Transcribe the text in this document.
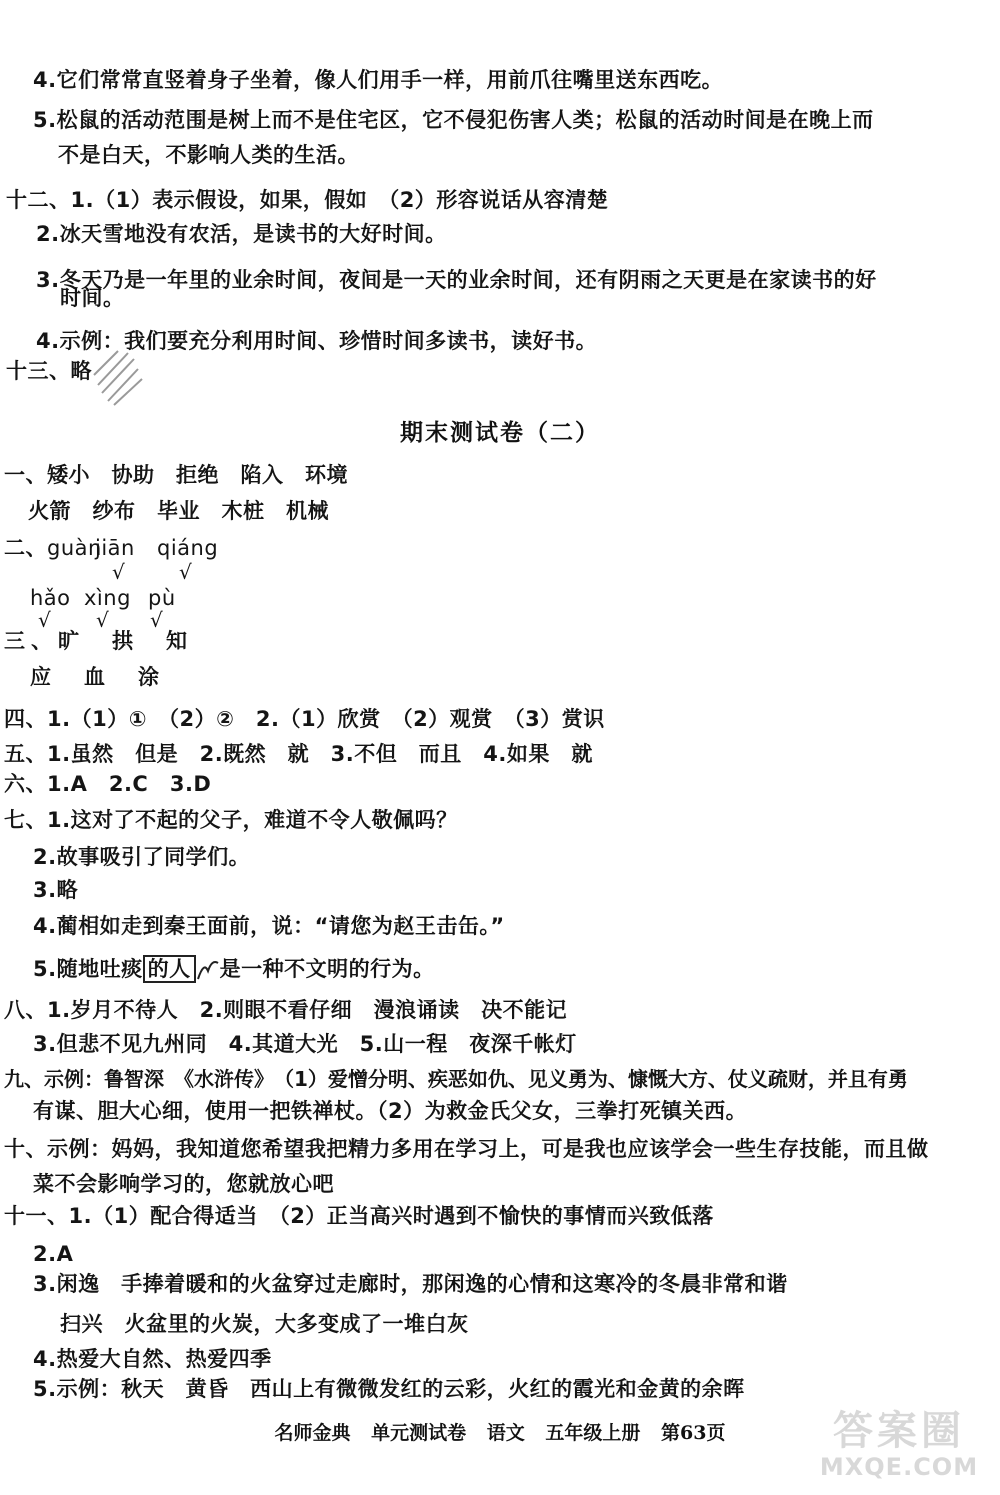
4.它们常常直竖着身子坐着，像人们用手一样，用前爪往嘴里送东西吃。
5.松鼠的活动范围是树上而不是住宅区，它不侵犯伤害人类；松鼠的活动时间是在晚上而
不是白天，不影响人类的生活。
十二、1.（1）表示假设，如果，假如　（2）形容说话从容清楚
2.冰天雪地没有农活，是读书的大好时间。
3.冬天乃是一年里的业余时间，夜间是一天的业余时间，还有阴雨之天更是在家读书的好
时间。
4.示例：我们要充分利用时间、珍惜时间多读书，读好书。
十三、略
期末测试卷（二）
一、矮小　协助　拒绝　陷入　环境
火箭　纱布　毕业　木桩　机械
二、guàn
jiān qiáng
√	√
hǎo xìng pù
√ √ √
三、旷　拱　知
应　血　涂
四、1.（1）①　（2）②　2.（1）欣赏　（2）观赏　（3）赏识
五、1.虽然　但是　2.既然　就　3.不但　而且　4.如果　就
六、1.A　2.C　3.D
七、1.这对了不起的父子，难道不令人敬佩吗？
2.故事吸引了同学们。
3.略
4.蔺相如走到秦王面前，说：“请您为赵王击缶。”
5.随地吐痰 的人 是一种不文明的行为。
八、1.岁月不待人　2.则眼不看仔细　漫浪诵读　决不能记
3.但悲不见九州同　4.其道大光　5.山一程　夜深千帐灯
九、示例：鲁智深　《水浒传》　（1）爱憎分明、疾恶如仇、见义勇为、慷慨大方、仗义疏财，并且有勇
有谋、胆大心细，使用一把铁禅杖。（2）为救金氏父女，三拳打死镇关西。
十、示例：妈妈，我知道您希望我把精力多用在学习上，可是我也应该学会一些生存技能，而且做
菜不会影响学习的，您就放心吧
十一、1.（1）配合得适当　（2）正当高兴时遇到不愉快的事情而兴致低落
2.A
3.闲逸　手捧着暖和的火盆穿过走廊时，那闲逸的心情和这寒冷的冬晨非常和谐
扫兴　火盆里的火炭，大多变成了一堆白灰
4.热爱大自然、热爱四季
5.示例：秋天　黄昏　西山上有微微发红的云彩，火红的霞光和金黄的余晖
名师金典 单元测试卷 语文 五年级上册 第63页	答案圈
MXQE.COM
